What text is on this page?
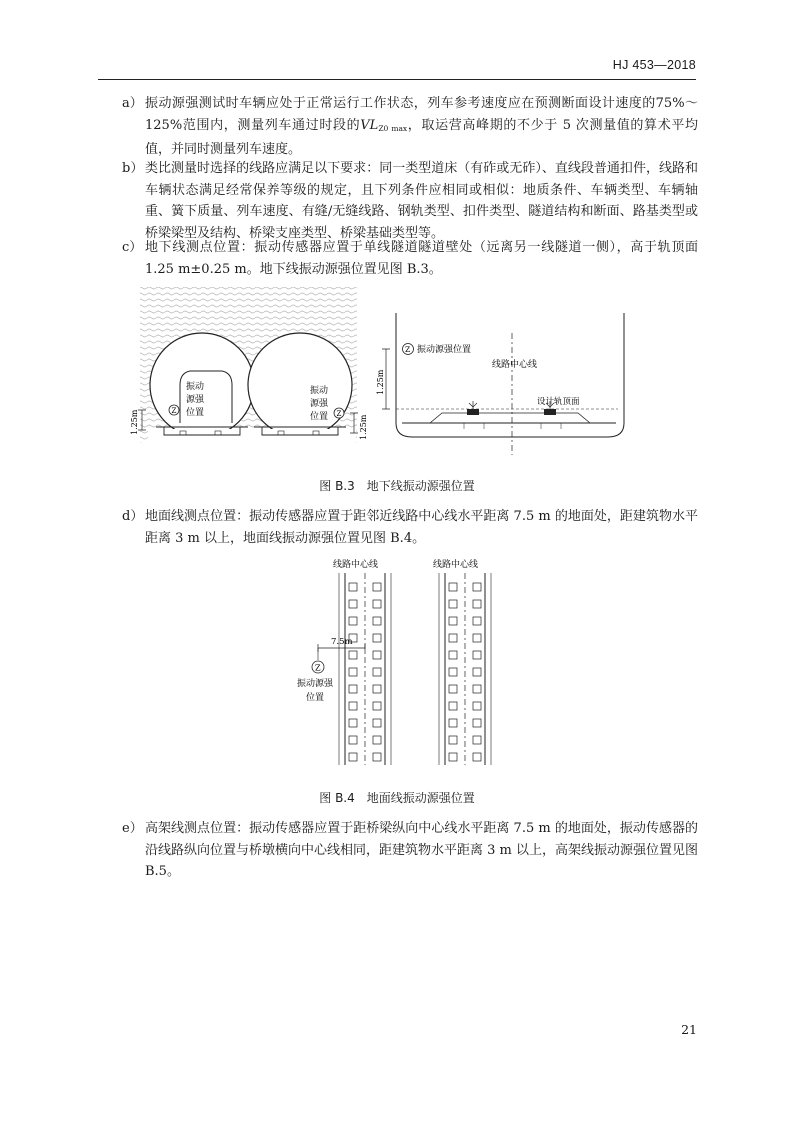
HJ 453—2018
a） 振动源强测试时车辆应处于正常运行工作状态，列车参考速度应在预测断面设计速度的75%～125%范围内，测量列车通过时段的$VL_{Z0 max}$，取运营高峰期的不少于 5 次测量值的算术平均值，并同时测量列车速度。
b） 类比测量时选择的线路应满足以下要求：同一类型道床（有砟或无砟）、直线段普通扣件，线路和车辆状态满足经常保养等级的规定，且下列条件应相同或相似：地质条件、车辆类型、车辆轴重、簧下质量、列车速度、有缝/无缝线路、钢轨类型、扣件类型、隧道结构和断面、路基类型或桥梁梁型及结构、桥梁支座类型、桥梁基础类型等。
c） 地下线测点位置：振动传感器应置于单线隧道隧道壁处（远离另一线隧道一侧），高于轨顶面 1.25 m±0.25 m。地下线振动源强位置见图 B.3。
振动
源强
位置
Z
振动
源强
位置 Z
1.25m	1.25m
线路中心线
Z 振动源强位置
设计轨顶面
1.25m
图 B.3　地下线振动源强位置
d） 地面线测点位置：振动传感器应置于距邻近线路中心线水平距离 7.5 m 的地面处，距建筑物水平距离 3 m 以上，地面线振动源强位置见图 B.4。
线路中心线	线路中心线
7.5m
Z
振动源强
位置
图 B.4　地面线振动源强位置
e） 高架线测点位置：振动传感器应置于距桥梁纵向中心线水平距离 7.5 m 的地面处，振动传感器的沿线路纵向位置与桥墩横向中心线相同，距建筑物水平距离 3 m 以上，高架线振动源强位置见图 B.5。
21
